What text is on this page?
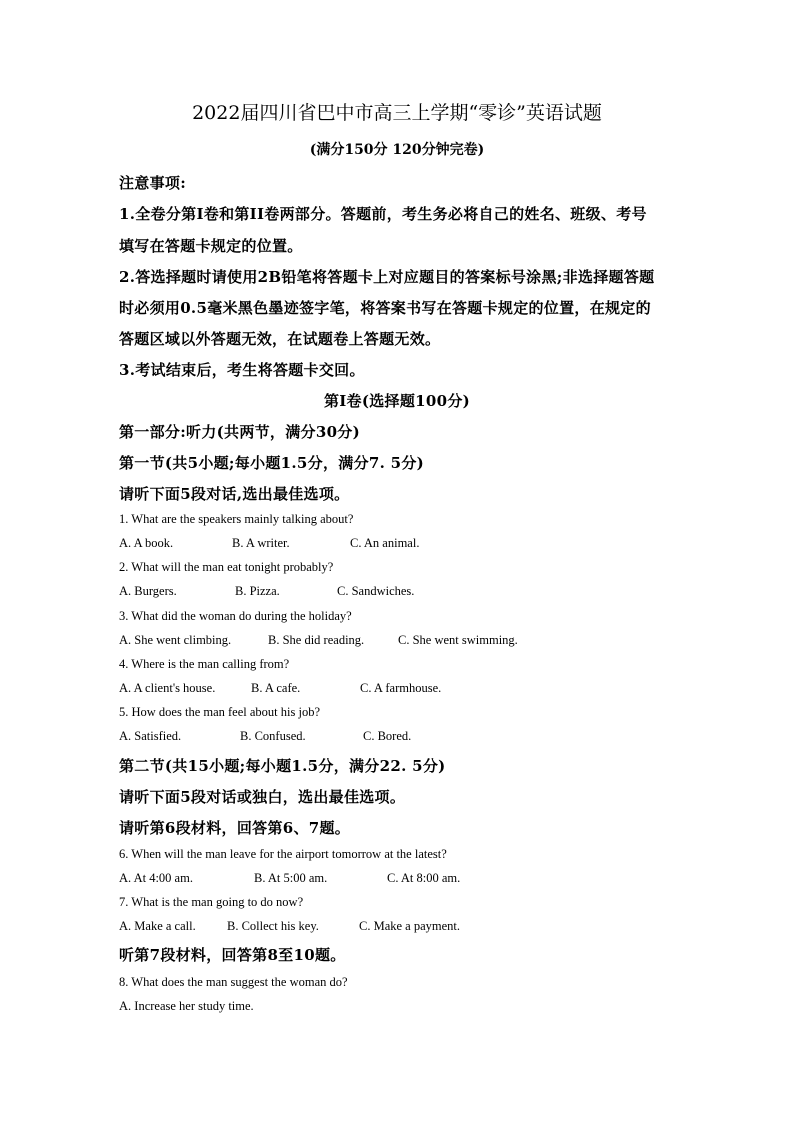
2022届四川省巴中市高三上学期“零诊”英语试题
(满分150分 120分钟完卷)
注意事项:
1.全卷分第I卷和第II卷两部分。答题前，考生务必将自己的姓名、班级、考号
填写在答题卡规定的位置。
2.答选择题时请使用2B铅笔将答题卡上对应题目的答案标号涂黑;非选择题答题
时必须用0.5毫米黑色墨迹签字笔，将答案书写在答题卡规定的位置，在规定的
答题区域以外答题无效，在试题卷上答题无效。
3.考试结束后，考生将答题卡交回。
第I卷(选择题100分)
第一部分:听力(共两节，满分30分)
第一节(共5小题;每小题1.5分，满分7. 5分)
请听下面5段对话,选出最佳选项。
1. What are the speakers mainly talking about?
A. A book.	B. A writer.	C. An animal.
2. What will the man eat tonight probably?
A. Burgers.	B. Pizza.	C. Sandwiches.
3. What did the woman do during the holiday?
A. She went climbing.	B. She did reading.	C. She went swimming.
4. Where is the man calling from?
A. A client's house.	B. A cafe.	C. A farmhouse.
5. How does the man feel about his job?
A. Satisfied.	B. Confused.	C. Bored.
第二节(共15小题;每小题1.5分，满分22. 5分)
请听下面5段对话或独白，选出最佳选项。
请听第6段材料，回答第6、7题。
6. When will the man leave for the airport tomorrow at the latest?
A. At 4:00 am.	B. At 5:00 am.	C. At 8:00 am.
7. What is the man going to do now?
A. Make a call.	B. Collect his key.	C. Make a payment.
听第7段材料，回答第8至10题。
8. What does the man suggest the woman do?
A. Increase her study time.
